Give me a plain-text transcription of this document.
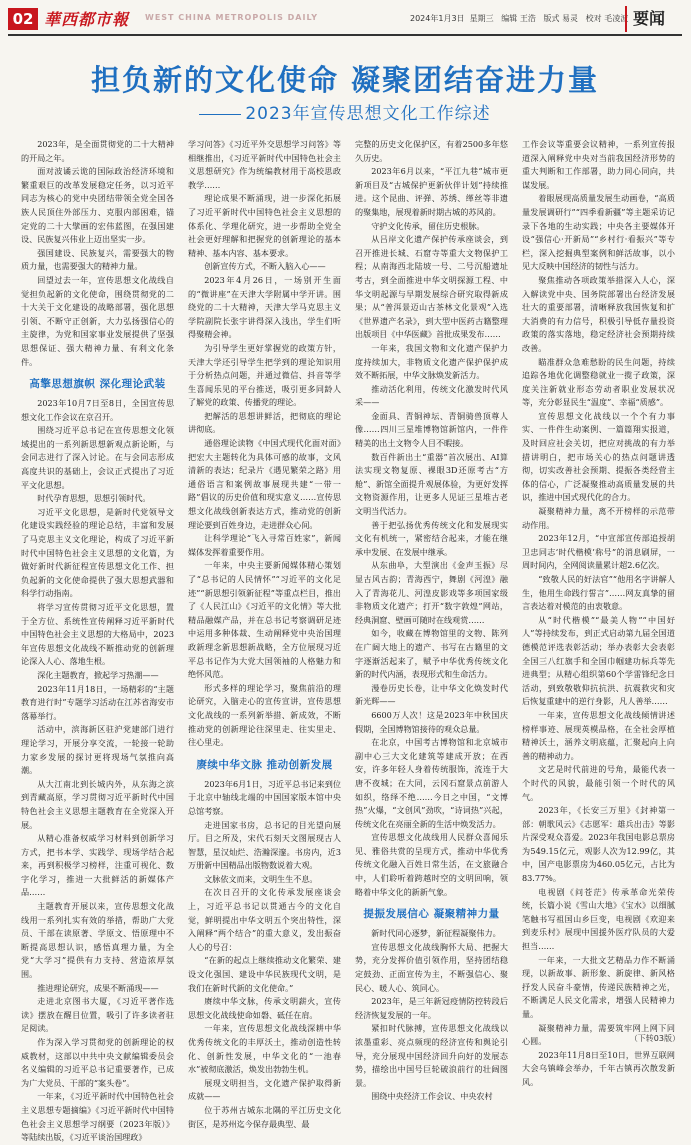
02 華西都市報 WEST CHINA METROPOLIS DAILY	2024年1月3日 星期三 编辑 王浩 版式 易灵 校对 毛凌波 要闻
担负新的文化使命 凝聚团结奋进力量
2023年宣传思想文化工作综述

2023年，是全面贯彻党的二十大精神的开局之年。

面对波谲云诡的国际政治经济环境和繁重艰巨的改革发展稳定任务，以习近平同志为核心的党中央团结带领全党全国各族人民顶住外部压力、克服内部困难，锚定党的二十大擘画的宏伟蓝图，在强国建设、民族复兴伟业上迈出坚实一步。

强国建设、民族复兴，需要强大的物质力量，也需要强大的精神力量。

回望过去一年，宣传思想文化战线自觉担负起新的文化使命，围绕贯彻党的二十大关于文化建设的战略部署，强化思想引领、不断守正创新，大力弘扬强信心的主旋律，为党和国家事业发展提供了坚强思想保证、强大精神力量、有利文化条件。

高擎思想旗帜 深化理论武装

2023年10月7日至8日，全国宣传思想文化工作会议在京召开。

围绕习近平总书记在宣传思想文化领域提出的一系列新思想新观点新论断，与会同志进行了深入讨论。在与会同志形成高度共识的基础上，会议正式提出了习近平文化思想。

时代孕育思想，思想引领时代。

习近平文化思想，是新时代党领导文化建设实践经验的理论总结，丰富和发展了马克思主义文化理论，构成了习近平新时代中国特色社会主义思想的文化篇，为做好新时代新征程宣传思想文化工作、担负起新的文化使命提供了强大思想武器和科学行动指南。

将学习宣传贯彻习近平文化思想，置于全方位、系统性宣传阐释习近平新时代中国特色社会主义思想的大格局中，2023年宣传思想文化战线不断推动党的创新理论深入人心、落地生根。

深化主题教育，掀起学习热潮——

2023年11月18日，一场精彩的“主题教育进行时”专题学习活动在江苏省海安市落幕举行。

活动中，滨海新区驻沪党建部门进行理论学习，开展分享交流，一轮接一轮助力家乡发展的探讨更将现场气氛推向高潮。

从大江南北到长城内外，从东海之滨到青藏高原，学习贯彻习近平新时代中国特色社会主义思想主题教育在全党深入开展。

从精心准备权威学习材料到创新学习方式，把书本学、实践学、现场学结合起来，再到积极学习榜样，注重可视化、数字化学习，推进一大批鲜活的新媒体产品……

主题教育开展以来，宣传思想文化战线用一系列扎实有效的举措，帮助广大党员、干部在读原著、学原文、悟原理中不断提高思想认识，感悟真理力量，为全党“大学习”提供有力支持、营造浓厚氛围。

推进理论研究，成果不断涌现——

走进北京图书大厦，《习近平著作选读》摆放在醒目位置，吸引了许多读者驻足阅读。

作为深入学习贯彻党的创新理论的权威教材，这部以中共中央文献编辑委员会名义编辑的习近平总书记重要著作，已成为广大党员、干部的“案头卷”。

一年来，《习近平新时代中国特色社会主义思想专题摘编》《习近平新时代中国特色社会主义思想学习纲要（2023年版）》等陆续出版，《习近平谈治国理政》

学习问答》《习近平外交思想学习问答》等相继推出，《习近平新时代中国特色社会主义思想研究》作为统编教材用于高校思政教学……

理论成果不断涌现，进一步深化拓展了习近平新时代中国特色社会主义思想的体系化、学理化研究，进一步帮助全党全社会更好理解和把握党的创新理论的基本精神、基本内容、基本要求。

创新宣传方式，不断入脑入心——

2023年4月26日，一场别开生面的“微讲座”在天津大学附属中学开讲。围绕党的二十大精神，天津大学马克思主义学院副院长张宇讲得深入浅出，学生们听得聚精会神。

为引导学生更好掌握党的政策方针，天津大学还引导学生把学到的理论知识用于分析热点问题，并通过微信、抖音等学生喜闻乐见的平台推送，吸引更多同龄人了解党的政策、传播党的理论。

把解活的思想讲鲜活，把彻底的理论讲彻底。

通俗理论读物《中国式现代化面对面》把宏大主题转化为具体可感的故事，文风清新的表达；纪录片《遇见繁荣之路》用通俗语言和案例故事展现共建“一带一路”倡议的历史价值和现实意义……宣传思想文化战线创新表达方式，推动党的创新理论要到百姓身边，走进群众心间。

让科学理论“飞入寻常百姓家”，新闻媒体发挥着重要作用。

一年来，中央主要新闻媒体精心策划了“总书记的人民情怀”“习近平的文化足迹”“新思想引领新征程”等重点栏目，推出了《人民江山》《习近平的文化情》等大批精品融媒产品，并在总书记考察调研足迹中运用多种体裁、生动阐释党中央治国理政新理念新思想新战略，全方位展现习近平总书记作为大党大国领袖的人格魅力和绝怀风范。

形式多样的理论学习，聚焦前沿的理论研究，入脑走心的宣传宣讲，宣传思想文化战线的一系列新举措、新成效，不断推动党的创新理论往深里走、往实里走、往心里走。

赓续中华文脉 推动创新发展

2023年6月1日，习近平总书记来到位于北京中轴线北端的中国国家版本馆中央总馆考察。

走进国家书房，总书记的目光望向展厅。目之所及，宋代石刻天文图展现古人智慧，星汉灿烂、浩瀚深邃。书房内，近3万册新中国精品出版物数说着大观。

文脉依文而来，文明生生不息。

在次日召开的文化传承发展座谈会上，习近平总书记以贯通古今的文化自觉，鲜明提出中华文明五个突出特性，深入阐释“两个结合”的重大意义，发出振奋人心的号召：

“在新的起点上继续推动文化繁荣、建设文化强国、建设中华民族现代文明，是我们在新时代新的文化使命。”

赓续中华文脉，传承文明薪火，宣传思想文化战线使命如磐、砥任在肩。

一年来，宣传思想文化战线深耕中华优秀传统文化的丰厚沃土，推动创造性转化、创新性发展，中华文化的“一池春水”被彻底激活，焕发出勃勃生机。

展现文明担当，文化遗产保护取得新成就——

位于苏州古城东北隅的平江历史文化街区，是苏州迄今保存最典型、最

完整的历史文化保护区，有着2500多年悠久历史。

2023年6月以来，“平江九巷”城市更新项目及“古城保护更新伙伴计划”持续推进。这个昆曲、评弹、苏绣、缂丝等非遗的聚集地，展现着新时期古城的苏风韵。

守护文化传承，留住历史根脉。

从吕岸文化遗产保护传承座谈会，到召开推进长城、石窟寺等重大文物保护工程；从南海西北陆坡一号、二号沉船遗址考古，到全面推进中华文明探源工程、中华文明起源与早期发展综合研究取得新成果；从“普洱景迈山古茶林文化景观”入选《世界遗产名录》，到大型中医药古籍整理出版项目《中华医藏》首批成果发布……

一年来，我国文物和文化遗产保护力度持续加大，非物质文化遗产保护保护成效不断拓展，中华文脉焕发新活力。

推动活化利用，传统文化激发时代风采——

金面具、青铜神坛、青铜骑兽顶尊人像……四川三星堆博物馆新馆内，一件件精美的出土文物令人目不暇接。

数百件新出土“重器”首次展出、AI算法实现文物复原、裸眼3D还原考古“方舱”、新馆全面提升观展体验，为更好发挥文物资源作用，让更多人见证三星堆古老文明当代活力。

善于把弘扬优秀传统文化和发展现实文化有机统一，紧密结合起来，才能在继承中发展、在发展中继承。

从东曲阜，大型演出《金声玉振》尽显古风古韵；青海西宁，舞剧《河湟》融入了青海花儿、河湟皮影戏等多项国家级非物质文化遗产；打开“数字敦煌”网站，经典洞窟、壁画可随时在线观赏……

如今，收藏在博物馆里的文物、陈列在广阔大地上的遗产、书写在古籍里的文字逐渐活起来了，赋予中华优秀传统文化新的时代内涵，表现形式和生命活力。

漫卷历史长卷，让中华文化焕发时代新光辉——

6600万人次！这是2023年中秋国庆假期，全国博物馆接待的观众总量。

在北京，中国考古博物馆和北京城市副中心三大文化建筑等建成开放；在西安，许多年轻人身着传统服饰，流连于大唐不夜城；在大同，云冈石窟景点前游人如织，络绎不绝……今日之中国，“文博热”火爆，“文创风”劲吹，“诗词热”兴起，传统文化在亮丽全新的生活中焕发活力。

宣传思想文化战线用人民群众喜闻乐见、雅俗共赏的呈现方式，推动中华优秀传统文化融入百姓日常生活，在文旅融合中，人们聆听着跨越时空的文明回响，领略着中华文化的新新气象。

提振发展信心 凝聚精神力量

新时代同心逐梦，新征程凝聚伟力。

宣传思想文化战线胸怀大局、把握大势，充分发挥价值引领作用，坚持团结稳定鼓劲、正面宣传为主，不断强信心、聚民心、暖人心、筑同心。

2023年，是三年新冠疫情防控转段后经济恢复发展的一年。

紧扣时代脉搏，宣传思想文化战线以浓墨重彩、亮点频现的经济宣传和舆论引导，充分展现中国经济回升向好的发展态势，描绘出中国号巨轮破浪前行的壮阔图景。

围绕中央经济工作会议、中央农村

工作会议等重要会议精神，一系列宣传报道深入阐释党中央对当前我国经济形势的重大判断和工作部署，助力同心同向，共谋发展。

着眼展现高质量发展生动画卷，“高质量发展调研行”“四季看新疆”等主题采访记录下各地的生动实践；中央各主要媒体开设“强信心·开新局”“乡村行·看振兴”等专栏，深入挖掘典型案例和鲜活故事，以小见大反映中国经济的韧性与活力。

聚焦推动各项政策举措深入人心，深入解读党中央、国务院部署出台经济发展壮大的重要部署，清晰释放我国恢复和扩大消费的有力信号，积极引导低存量投资政策的落实落地，稳定经济社会预期持续改善。

瞄准群众急难愁盼的民生问题，持续追踪各地优化调整稳就业一揽子政策，深度关注新就业形态劳动者职业发展状况等，充分彰显民生“温度”、幸福“质感”。

宣传思想文化战线以一个个有力事实、一件件生动案例、一篇篇翔实报道，及时回应社会关切，把应对挑战的有力举措讲明白，把市场关心的热点问题讲透彻，切实改善社会预期、提振各类经营主体的信心，广泛凝聚推动高质量发展的共识，推进中国式现代化的合力。

凝聚精神力量，离不开榜样的示范带动作用。

2023年12月，“中宣部宣传部追授胡卫忠同志‘时代楷模’称号”的消息刷屏，一周时间内，全网阅读量累计超2.6亿次。

“致敬人民的好法官”“他用名字讲解人生，他用生命践行誓言”……网友真挚的留言表达着对模范的由衷敬意。

从“时代楷模”“最美人物”“中国好人”等持续发布，到正式启动第九届全国道德模范评选表彰活动；举办表彰大会表彰全国三八红旗手和全国巾帼建功标兵等先进典型；从精心组织第60个学雷锋纪念日活动，到致敬敬仰抗抗洪、抗震救灾和灾后恢复重建中的逆行身影，凡人善举……

一年来，宣传思想文化战线倾情讲述榜样事迹、展现英模品格，在全社会厚植精神沃土，涵养文明底蕴，汇聚起向上向善的精神动力。

文艺是时代前进的号角，最能代表一个时代的风貌，最能引领一个时代的风气。

2023年，《长安三万里》《封神第一部：朝歌风云》《志愿军：雄兵出击》等影片深受观众喜爱。2023年我国电影总票房为549.15亿元，观影人次为12.99亿，其中，国产电影票房为460.05亿元，占比为83.77%。

电视剧《问苍茫》传承革命光荣传统，长篇小说《雪山大地》《宝水》以细腻笔触书写祖国山乡巨变，电视剧《欢迎来到麦乐村》展现中国援外医疗队员的大爱担当……

一年来，一大批文艺精品力作不断涌现，以新故事、新形象、新旋律、新风格抒发人民奋斗豪情，传递民族精神之光，不断满足人民文化需求，增强人民精神力量。

凝聚精神力量，需要筑牢网上网下同心圆。

2023年11月8日至10日，世界互联网大会乌镇峰会举办，千年古镇再次散发新风。

（下转03版）
